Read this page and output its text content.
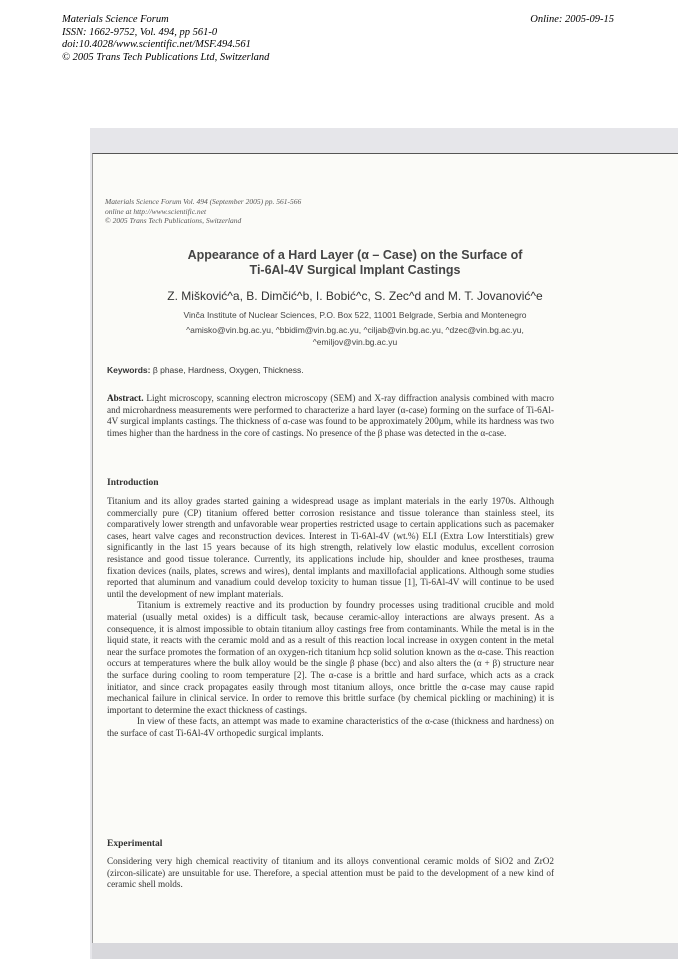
Materials Science Forum
ISSN: 1662-9752, Vol. 494, pp 561-0
doi:10.4028/www.scientific.net/MSF.494.561
© 2005 Trans Tech Publications Ltd, Switzerland
Online: 2005-09-15
Materials Science Forum Vol. 494 (September 2005) pp. 561-566
online at http://www.scientific.net
© 2005 Trans Tech Publications, Switzerland
Appearance of a Hard Layer (α – Case) on the Surface of
Ti-6Al-4V Surgical Implant Castings
Z. Mišković^a, B. Dimčić^b, I. Bobić^c, S. Zec^d and M. T. Jovanović^e
Vinča Institute of Nuclear Sciences, P.O. Box 522, 11001 Belgrade, Serbia and Montenegro
^amisko@vin.bg.ac.yu, ^bbidim@vin.bg.ac.yu, ^ciljab@vin.bg.ac.yu, ^dzec@vin.bg.ac.yu,
^emiljov@vin.bg.ac.yu
Keywords: β phase, Hardness, Oxygen, Thickness.
Abstract. Light microscopy, scanning electron microscopy (SEM) and X-ray diffraction analysis combined with macro and microhardness measurements were performed to characterize a hard layer (α-case) forming on the surface of Ti-6Al-4V surgical implants castings. The thickness of α-case was found to be approximately 200μm, while its hardness was two times higher than the hardness in the core of castings. No presence of the β phase was detected in the α-case.
Introduction

Titanium and its alloy grades started gaining a widespread usage as implant materials in the early 1970s. Although commercially pure (CP) titanium offered better corrosion resistance and tissue tolerance than stainless steel, its comparatively lower strength and unfavorable wear properties restricted usage to certain applications such as pacemaker cases, heart valve cages and reconstruction devices. Interest in Ti-6Al-4V (wt.%) ELI (Extra Low Interstitials) grew significantly in the last 15 years because of its high strength, relatively low elastic modulus, excellent corrosion resistance and good tissue tolerance. Currently, its applications include hip, shoulder and knee prostheses, trauma fixation devices (nails, plates, screws and wires), dental implants and maxillofacial applications. Although some studies reported that aluminum and vanadium could develop toxicity to human tissue [1], Ti-6Al-4V will continue to be used until the development of new implant materials.

Titanium is extremely reactive and its production by foundry processes using traditional crucible and mold material (usually metal oxides) is a difficult task, because ceramic-alloy interactions are always present. As a consequence, it is almost impossible to obtain titanium alloy castings free from contaminants. While the metal is in the liquid state, it reacts with the ceramic mold and as a result of this reaction local increase in oxygen content in the metal near the surface promotes the formation of an oxygen-rich titanium hcp solid solution known as the α-case. This reaction occurs at temperatures where the bulk alloy would be the single β phase (bcc) and also alters the (α + β) structure near the surface during cooling to room temperature [2]. The α-case is a brittle and hard surface, which acts as a crack initiator, and since crack propagates easily through most titanium alloys, once brittle the α-case may cause rapid mechanical failure in clinical service. In order to remove this brittle surface (by chemical pickling or machining) it is important to determine the exact thickness of castings.

In view of these facts, an attempt was made to examine characteristics of the α-case (thickness and hardness) on the surface of cast Ti-6Al-4V orthopedic surgical implants.

Experimental

Considering very high chemical reactivity of titanium and its alloys conventional ceramic molds of SiO2 and ZrO2 (zircon-silicate) are unsuitable for use. Therefore, a special attention must be paid to the development of a new kind of ceramic shell molds.
